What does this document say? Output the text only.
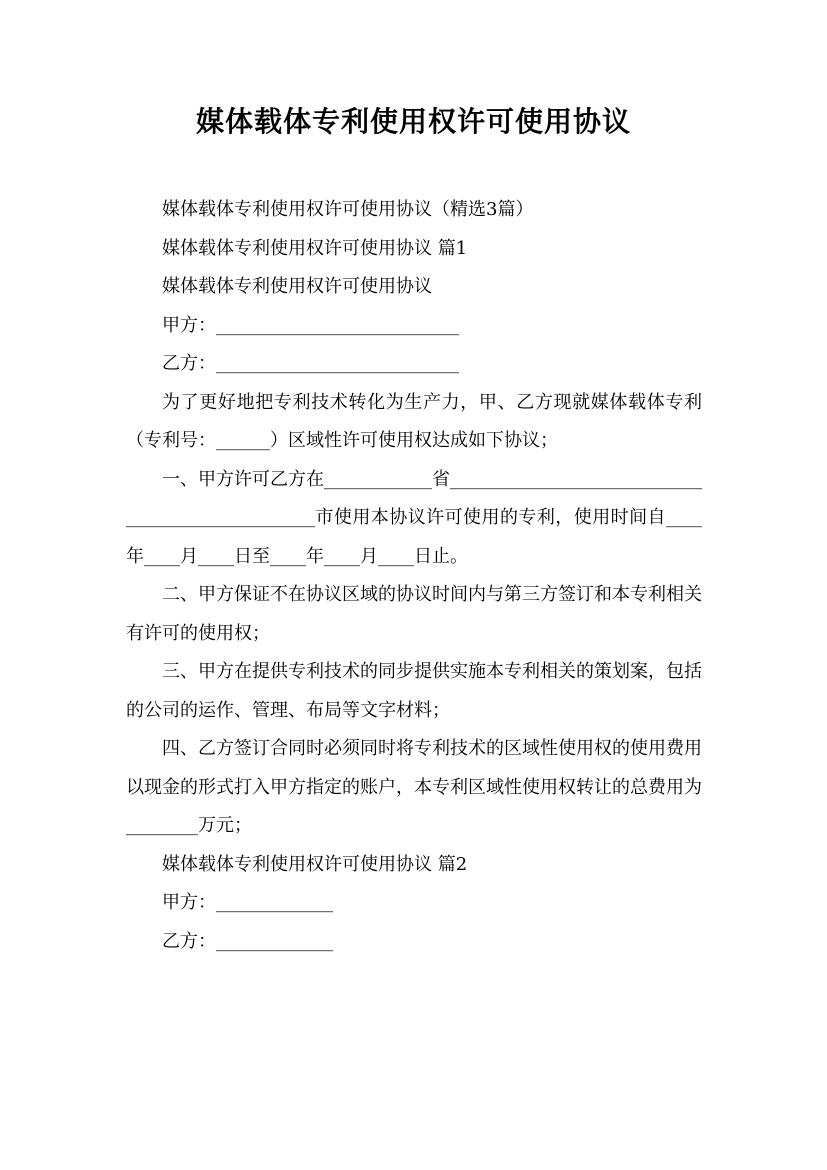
媒体载体专利使用权许可使用协议

媒体载体专利使用权许可使用协议（精选3篇）

媒体载体专利使用权许可使用协议 篇1

媒体载体专利使用权许可使用协议

甲方：___________________________

乙方：___________________________

为了更好地把专利技术转化为生产力，甲、乙方现就媒体载体专利（专利号：______）区域性许可使用权达成如下协议；

一、甲方许可乙方在____________省_________________________________________________市使用本协议许可使用的专利，使用时间自____年____月____日至____年____月____日止。

二、甲方保证不在协议区域的协议时间内与第三方签订和本专利相关有许可的使用权；

三、甲方在提供专利技术的同步提供实施本专利相关的策划案，包括的公司的运作、管理、布局等文字材料；

四、乙方签订合同时必须同时将专利技术的区域性使用权的使用费用以现金的形式打入甲方指定的账户，本专利区域性使用权转让的总费用为________万元；

媒体载体专利使用权许可使用协议 篇2

甲方：_____________

乙方：_____________
